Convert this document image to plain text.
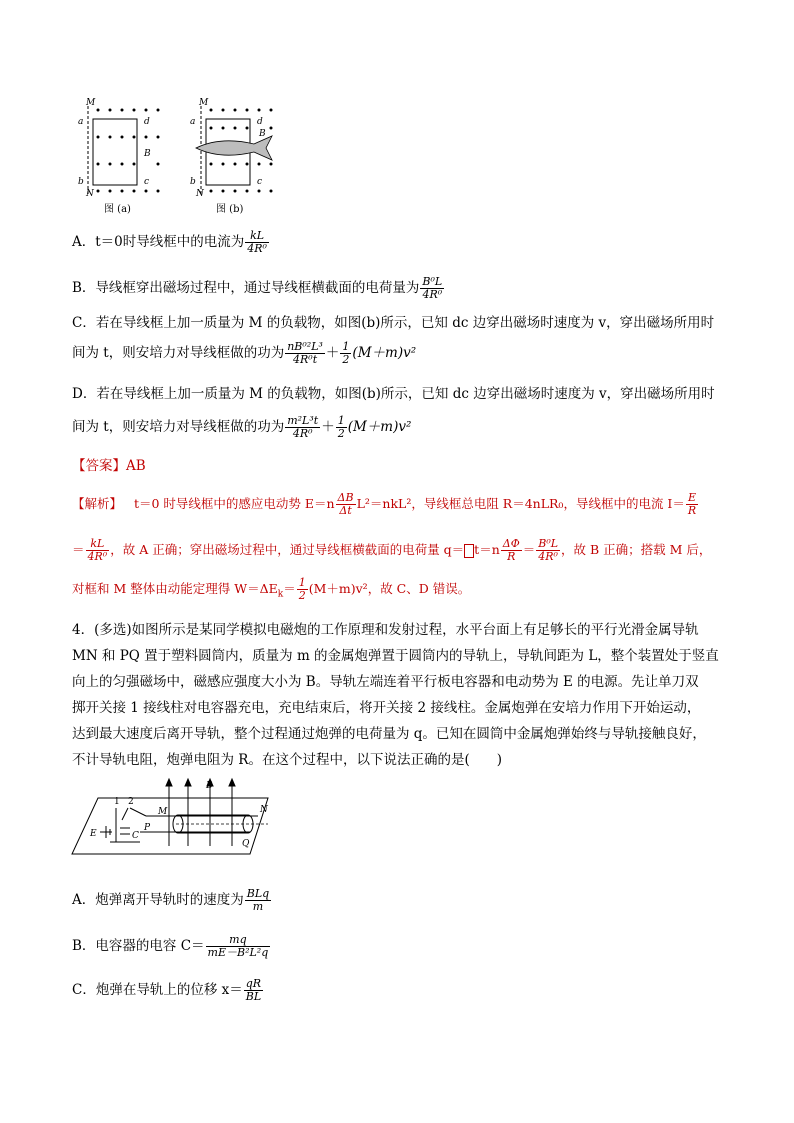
M
N
a
b
d
c
B
图 (a)
M
N
a
b
d
c
B
图 (b)
A．t＝0时导线框中的电流为 $\frac{kL}{\text{4R⁰}}$
B．导线框穿出磁场过程中，通过导线框横截面的电荷量为 $\frac{\text{B⁰L}}{\text{4R⁰}}$
C．若在导线框上加一质量为 M 的负载物，如图(b)所示，已知 dc 边穿出磁场时速度为 v，穿出磁场所用时
间为 t，则安培力对导线框做的功为 $\frac{\text{nB⁰²L³}}{\text{4R⁰t}} + \frac{1}{2} (M+m)v^2$
D．若在导线框上加一质量为 M 的负载物，如图(b)所示，已知 dc 边穿出磁场时速度为 v，穿出磁场所用时
间为 t，则安培力对导线框做的功为 $\frac{\text{m²L³t}}{\text{4R⁰}} + \frac{1}{2} (M+m)v^2$
【答案】AB
【解析】 t＝0 时导线框中的感应电动势 $E=n \frac{\Delta B}{\Delta t} L^2=nkL^2$，导线框总电阻 R＝4nLR₀，导线框中的电流 $I= \frac{E}{R}$
＝ $\frac{kL}{\text{4R⁰}}$ ，故 A 正确；穿出磁场过程中，通过导线框横截面的电荷量 $q= t=n \frac{\Delta\Phi}{R} = \frac{\text{B⁰L}}{\text{4R⁰}}$ ，故 B 正确；搭载 M 后，
对框和 M 整体由动能定理得 $W=\Delta E_k= \frac{1}{2} (M+m)v^2$，故 C、D 错误。
4．(多选)如图所示是某同学模拟电磁炮的工作原理和发射过程，水平台面上有足够长的平行光滑金属导轨
MN 和 PQ 置于塑料圆筒内，质量为 m 的金属炮弹置于圆筒内的导轨上，导轨间距为 L，整个装置处于竖直
向上的匀强磁场中，磁感应强度大小为 B。导轨左端连着平行板电容器和电动势为 E 的电源。先让单刀双
掷开关接 1 接线柱对电容器充电，充电结束后，将开关接 2 接线柱。金属炮弹在安培力作用下开始运动，
达到最大速度后离开导轨，整个过程通过炮弹的电荷量为 q。已知在圆筒中金属炮弹始终与导轨接触良好，
不计导轨电阻，炮弹电阻为 R。在这个过程中，以下说法正确的是(　　)
B
1 2
E	C
M
P
N
Q
A．炮弹离开导轨时的速度为 $\frac{\text{BLq}}{m}$
B．电容器的电容 $C= \frac{mq}{\text{mE－B²L²q}}$
C．炮弹在导轨上的位移 $x= \frac{qR}{BL}$
